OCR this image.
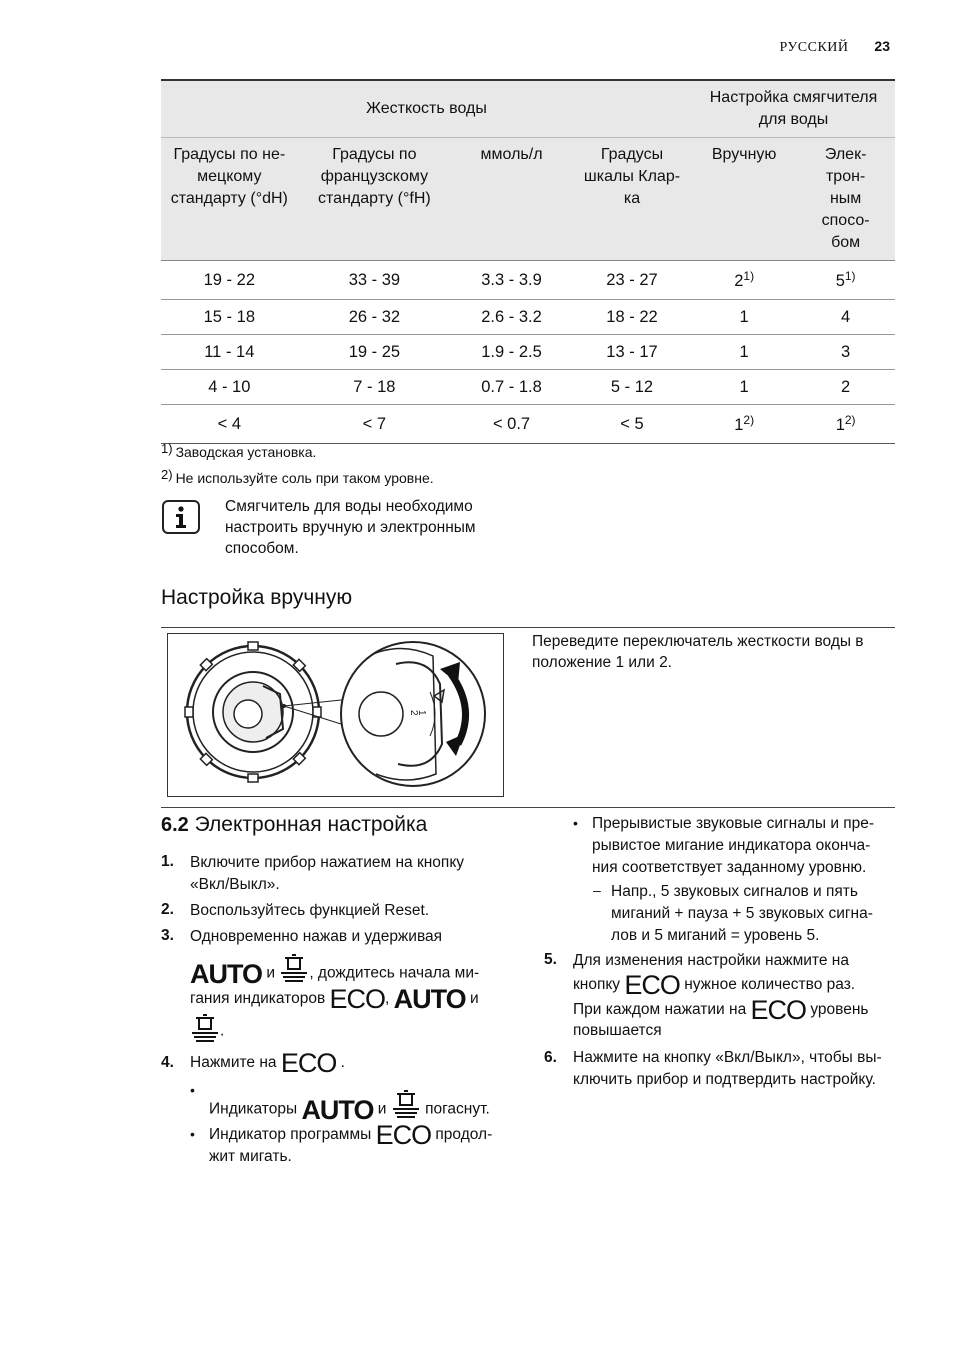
РУССКИЙ 23
Жесткость воды				Настройка смягчителя для воды	
Градусы по не-мецкому стандарту (°dH)	Градусы по французскому стандарту (°fH)	ммоль/л	Градусы шкалы Клар-ка	Вручную	Элек-трон-ным спосо-бом
19 - 22	33 - 39	3.3 - 3.9	23 - 27	2$^{1)}$	5$^{1)}$
15 - 18	26 - 32	2.6 - 3.2	18 - 22	1	4
11 - 14	19 - 25	1.9 - 2.5	13 - 17	1	3
4 - 10	7 - 18	0.7 - 1.8	5 - 12	1	2
< 4	< 7	< 0.7	< 5	1$^{2)}$	1$^{2)}$
$^{1)}$ Заводская установка.
$^{2)}$ Не используйте соль при таком уровне.
Смягчитель для воды необходимо настроить вручную и электронным способом.
Настройка вручную
2
1
Переведите переключатель жесткости воды в положение 1 или 2.
6.2 Электронная настройка
1. Включите прибор нажатием на кнопку «Вкл/Выкл».
2. Воспользуйтесь функцией Reset.
3. Одновременно нажав и удерживая
AUTO и , дождитесь начала ми-
гания индикаторов ECO, AUTO и
.
4. Нажмите на ECO .
•
Индикаторы AUTO и погаснут.
• Индикатор программы ECO продол-
жит мигать.
• Прерывистые звуковые сигналы и пре-рывистое мигание индикатора оконча-ния соответствует заданному уровню.
– Напр., 5 звуковых сигналов и пять миганий + пауза + 5 звуковых сигна-лов и 5 миганий = уровень 5.
5. Для изменения настройки нажмите на
кнопку ECO нужное количество раз.
При каждом нажатии на ECO уровень
повышается
6. Нажмите на кнопку «Вкл/Выкл», чтобы вы-ключить прибор и подтвердить настройку.
